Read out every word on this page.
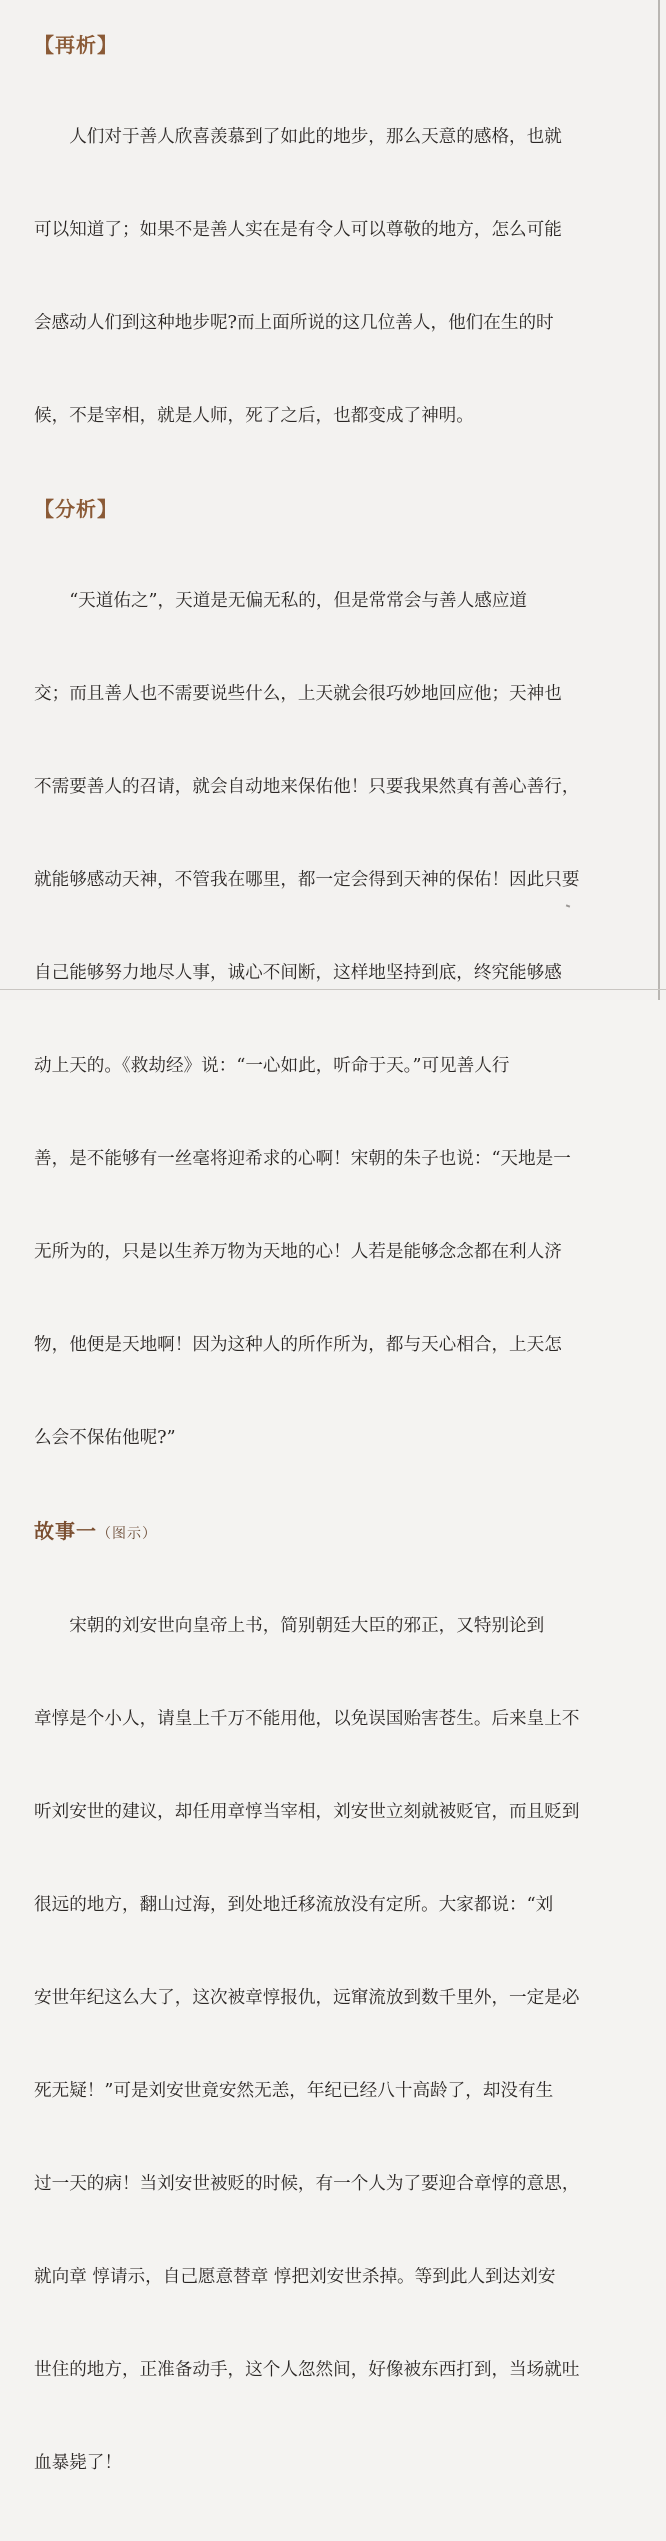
【再析】

　　人们对于善人欣喜羡慕到了如此的地步，那么天意的感格，也就

可以知道了；如果不是善人实在是有令人可以尊敬的地方，怎么可能

会感动人们到这种地步呢?而上面所说的这几位善人，他们在生的时

候，不是宰相，就是人师，死了之后，也都变成了神明。

【分析】

　　“天道佑之”，天道是无偏无私的，但是常常会与善人感应道

交；而且善人也不需要说些什么，上天就会很巧妙地回应他；天神也

不需要善人的召请，就会自动地来保佑他！只要我果然真有善心善行，

就能够感动天神，不管我在哪里，都一定会得到天神的保佑！因此只要

自己能够努力地尽人事，诚心不间断，这样地坚持到底，终究能够感

动上天的。《救劫经》说：“一心如此，听命于天。”可见善人行

善，是不能够有一丝毫将迎希求的心啊！宋朝的朱子也说：“天地是一

无所为的，只是以生养万物为天地的心！人若是能够念念都在利人济

物，他便是天地啊！因为这种人的所作所为，都与天心相合，上天怎

么会不保佑他呢?”

故事一（图示）

　　宋朝的刘安世向皇帝上书，简别朝廷大臣的邪正，又特别论到

章惇是个小人，请皇上千万不能用他，以免误国贻害苍生。后来皇上不

听刘安世的建议，却任用章惇当宰相，刘安世立刻就被贬官，而且贬到

很远的地方，翻山过海，到处地迁移流放没有定所。大家都说：“刘

安世年纪这么大了，这次被章惇报仇，远窜流放到数千里外，一定是必

死无疑！”可是刘安世竟安然无恙，年纪已经八十高龄了，却没有生

过一天的病！当刘安世被贬的时候，有一个人为了要迎合章惇的意思，

就向章 惇请示，自己愿意替章 惇把刘安世杀掉。等到此人到达刘安

世住的地方，正准备动手，这个人忽然间，好像被东西打到，当场就吐

血暴毙了！
